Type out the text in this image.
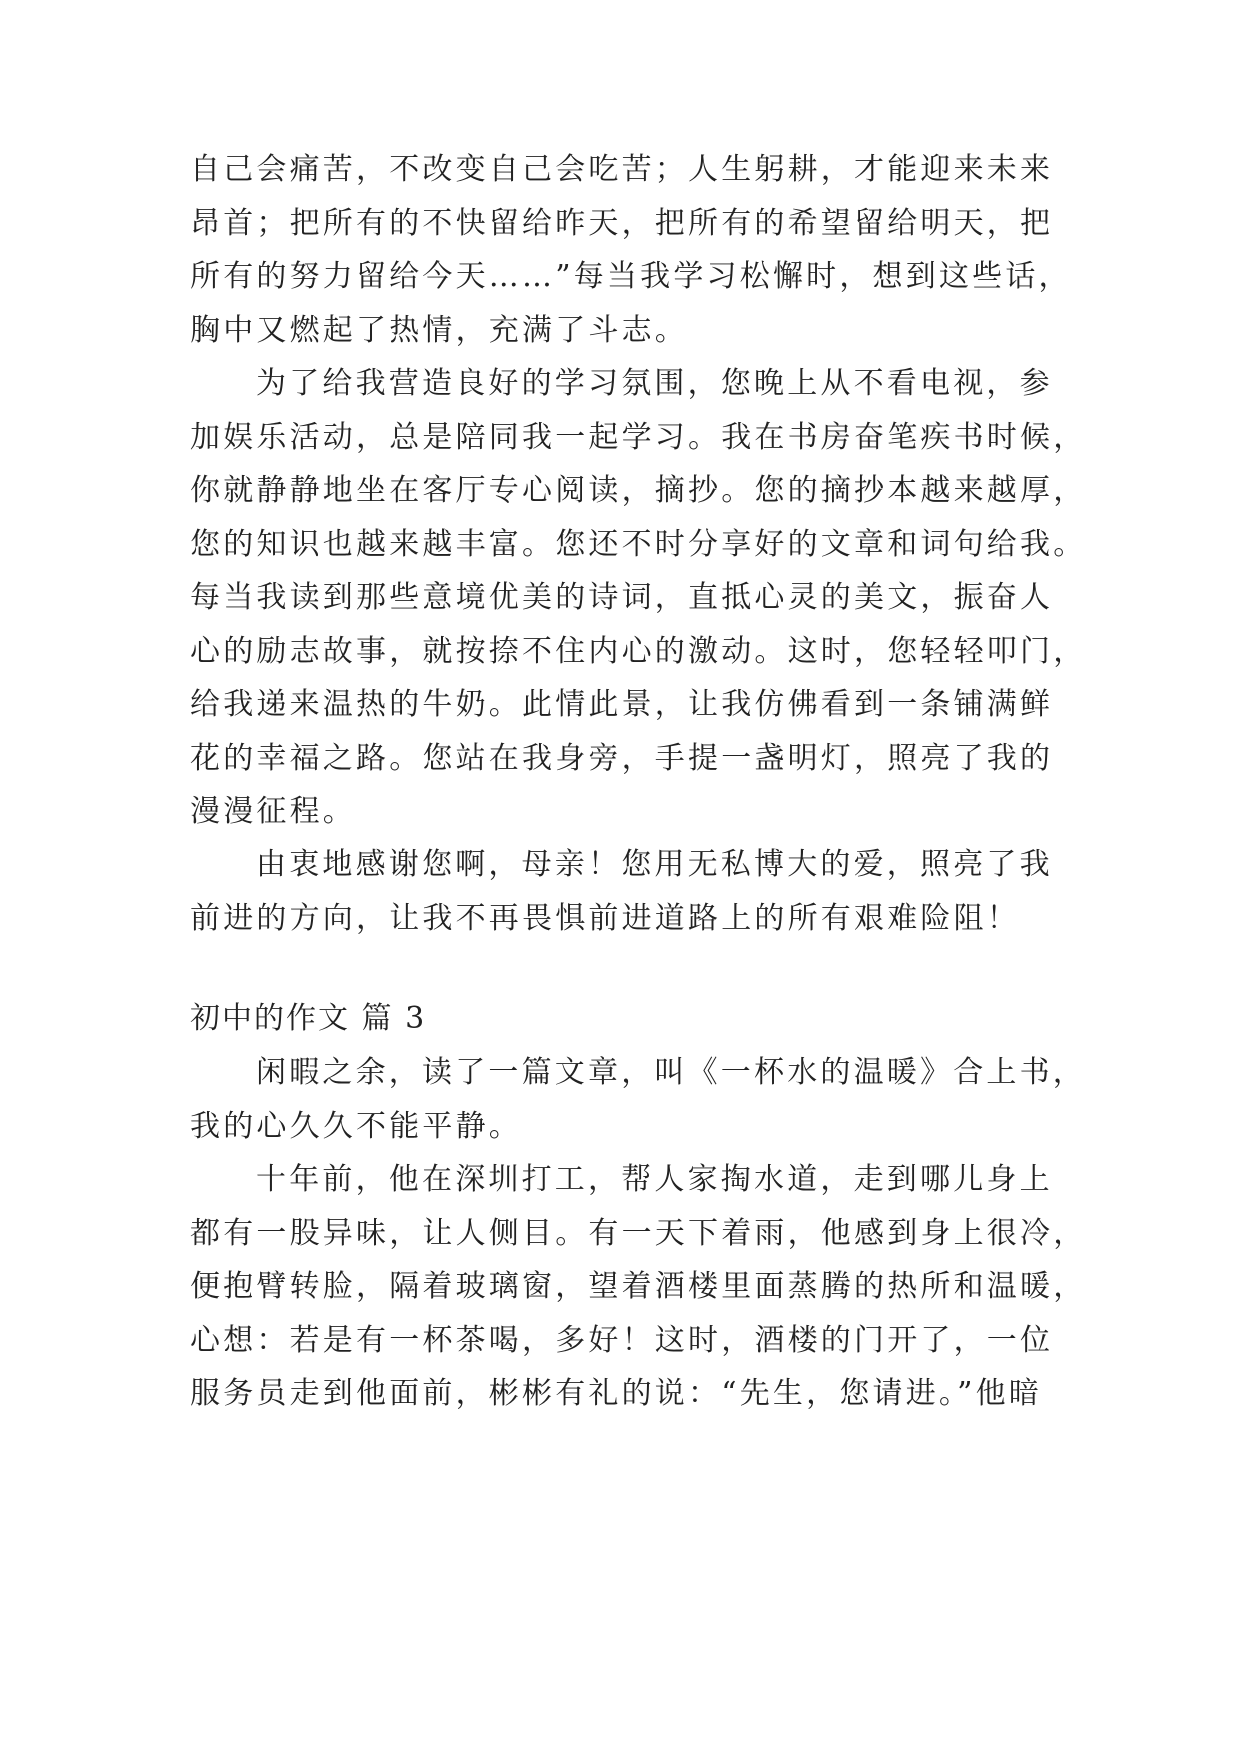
自己会痛苦，不改变自己会吃苦；人生躬耕，才能迎来未来
昂首；把所有的不快留给昨天，把所有的希望留给明天，把
所有的努力留给今天……”每当我学习松懈时，想到这些话，
胸中又燃起了热情，充满了斗志。
为了给我营造良好的学习氛围，您晚上从不看电视，参
加娱乐活动，总是陪同我一起学习。我在书房奋笔疾书时候，
你就静静地坐在客厅专心阅读，摘抄。您的摘抄本越来越厚，
您的知识也越来越丰富。您还不时分享好的文章和词句给我。
每当我读到那些意境优美的诗词，直抵心灵的美文，振奋人
心的励志故事，就按捺不住内心的激动。这时，您轻轻叩门，
给我递来温热的牛奶。此情此景，让我仿佛看到一条铺满鲜
花的幸福之路。您站在我身旁，手提一盏明灯，照亮了我的
漫漫征程。
由衷地感谢您啊，母亲！您用无私博大的爱，照亮了我
前进的方向，让我不再畏惧前进道路上的所有艰难险阻！
初中的作文 篇 3
闲暇之余，读了一篇文章，叫《一杯水的温暖》合上书，
我的心久久不能平静。
十年前，他在深圳打工，帮人家掏水道，走到哪儿身上
都有一股异味，让人侧目。有一天下着雨，他感到身上很冷，
便抱臂转脸，隔着玻璃窗，望着酒楼里面蒸腾的热所和温暖，
心想：若是有一杯茶喝，多好！这时，酒楼的门开了，一位
服务员走到他面前，彬彬有礼的说：“先生，您请进。”他暗
